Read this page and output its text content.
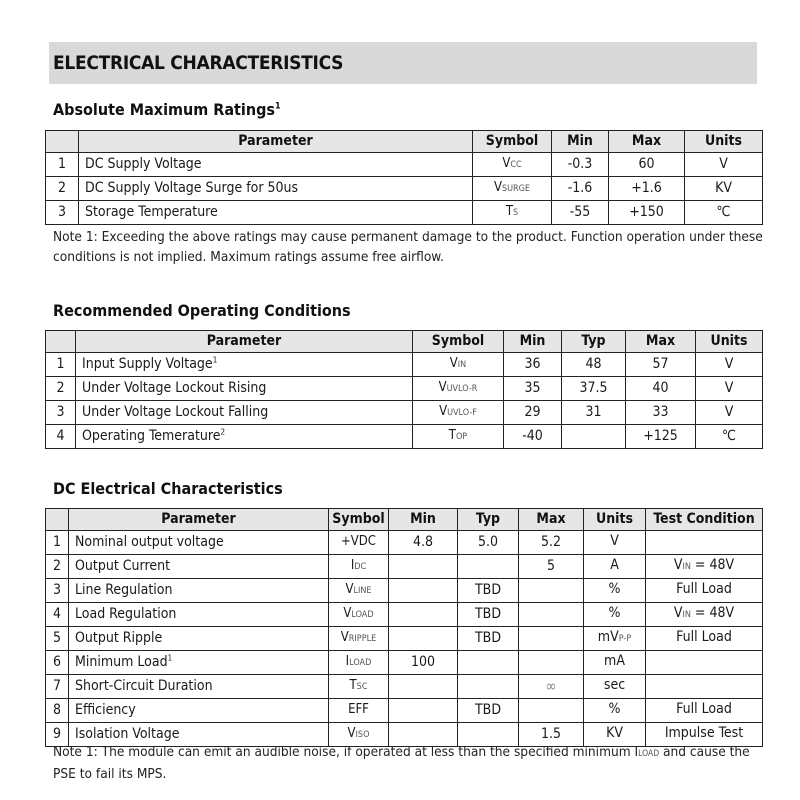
ELECTRICAL CHARACTERISTICS
Absolute Maximum Ratings$^1$
	Parameter	Symbol	Min	Max	Units
1	DC Supply Voltage	VCC	-0.3	60	V
2	DC Supply Voltage Surge for 50us	VSURGE	-1.6	+1.6	KV
3	Storage Temperature	TS	-55	+150	℃
Note 1: Exceeding the above ratings may cause permanent damage to the product. Function operation under these conditions is not implied. Maximum ratings assume free airflow.
Recommended Operating Conditions
	Parameter	Symbol	Min	Typ	Max	Units
1	Input Supply Voltage$^1$	VIN	36	48	57	V
2	Under Voltage Lockout Rising	VUVLO-R	35	37.5	40	V
3	Under Voltage Lockout Falling	VUVLO-F	29	31	33	V
4	Operating Temerature$^2$	TOP	-40		+125	℃
DC Electrical Characteristics
	Parameter	Symbol	Min	Typ	Max	Units	Test Condition
1	Nominal output voltage	+VDC	4.8	5.0	5.2	V	
2	Output Current	IDC			5	A	VIN = 48V
3	Line Regulation	VLINE		TBD		%	Full Load
4	Load Regulation	VLOAD		TBD		%	VIN = 48V
5	Output Ripple	VRIPPLE		TBD		mVP-P	Full Load
6	Minimum Load$^1$	ILOAD	100			mA	
7	Short-Circuit Duration	TSC			∞	sec	
8	Efficiency	EFF		TBD		%	Full Load
9	Isolation Voltage	VISO			1.5	KV	Impulse Test
Note 1: The module can emit an audible noise, if operated at less than the specified minimum ILOAD and cause the PSE to fail its MPS.
